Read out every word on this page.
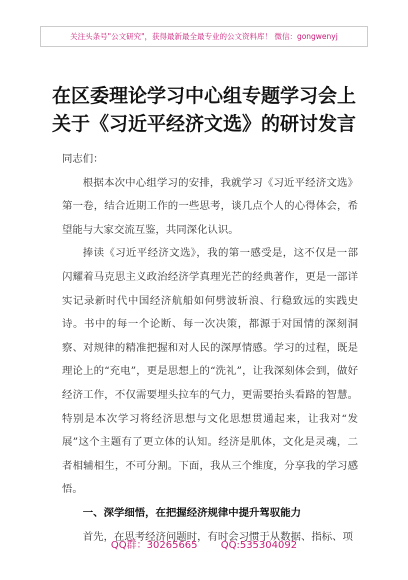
关注头条号"公文研究"，获得最新最全最专业的公文资料库！ 微信：gongwenyj
在区委理论学习中心组专题学习会上
关于《习近平经济文选》的研讨发言

同志们：

根据本次中心组学习的安排，我就学习《习近平经济文选》第一卷，结合近期工作的一些思考，谈几点个人的心得体会，希望能与大家交流互鉴，共同深化认识。

捧读《习近平经济文选》，我的第一感受是，这不仅是一部闪耀着马克思主义政治经济学真理光芒的经典著作，更是一部详实记录新时代中国经济航船如何劈波斩浪、行稳致远的实践史诗。书中的每一个论断、每一次决策，都源于对国情的深刻洞察、对规律的精准把握和对人民的深厚情感。学习的过程，既是理论上的“充电”，更是思想上的“洗礼”，让我深刻体会到，做好经济工作，不仅需要埋头拉车的气力，更需要抬头看路的智慧。特别是本次学习将经济思想与文化思想贯通起来，让我对“发展”这个主题有了更立体的认知。经济是肌体，文化是灵魂，二者相辅相生，不可分割。下面，我从三个维度，分享我的学习感悟。

一、深学细悟，在把握经济规律中提升驾驭能力

首先，在思考经济问题时，有时会习惯于从数据、指标、项

QQ群：30265665 QQ:535304092
